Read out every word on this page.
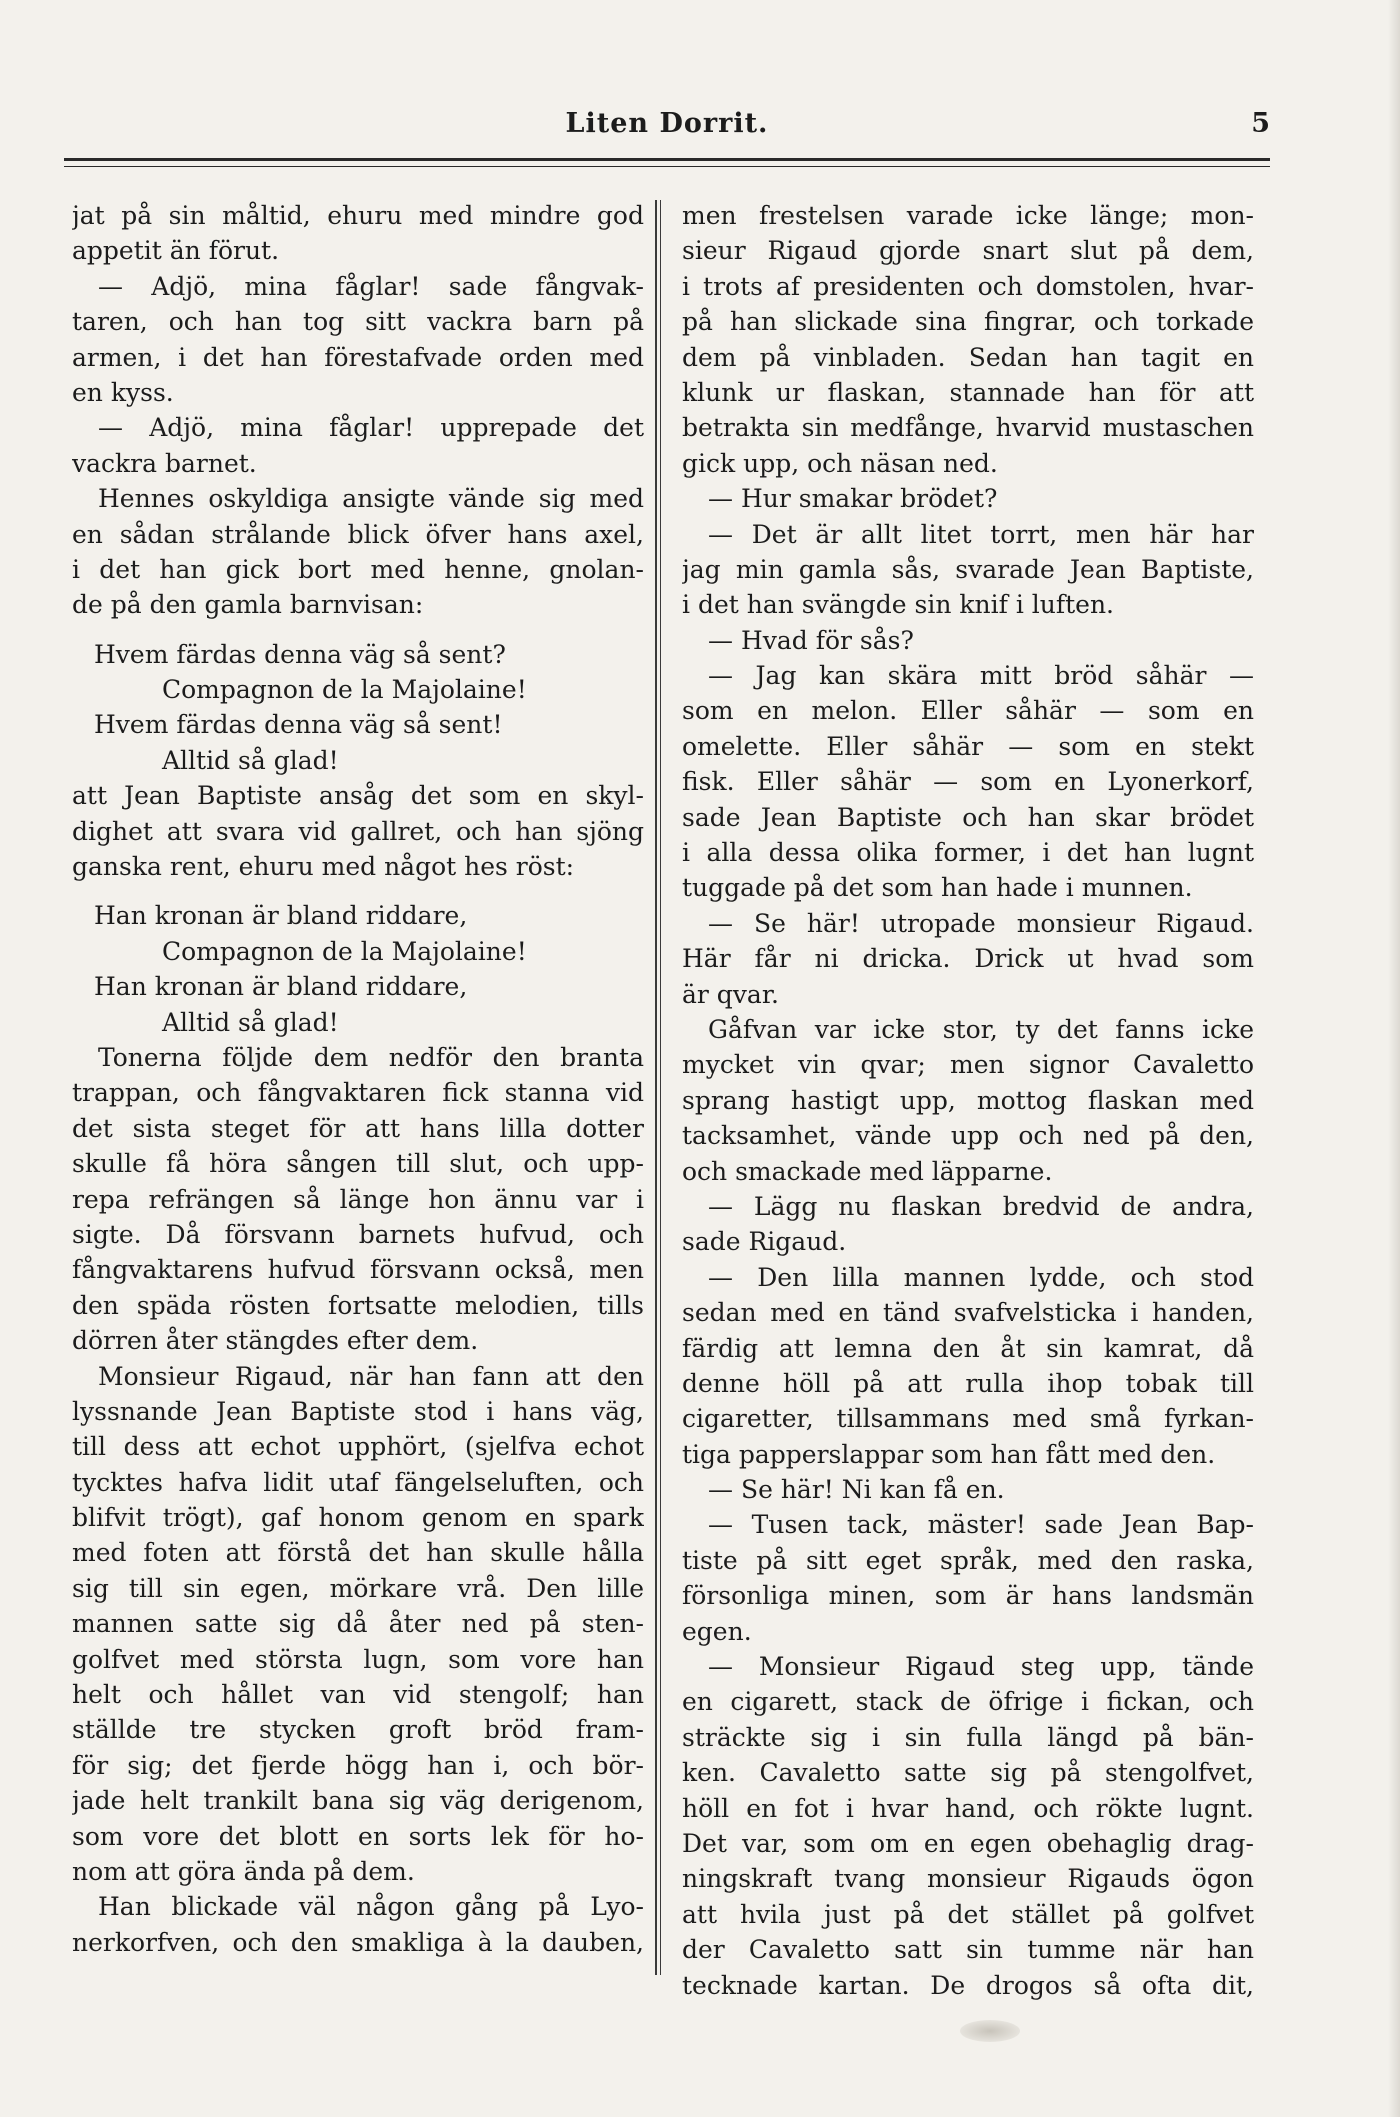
Liten Dorrit.	5
jat på sin måltid, ehuru med mindre god
appetit än förut.
— Adjö, mina fåglar! sade fångvak-
taren, och han tog sitt vackra barn på
armen, i det han förestafvade orden med
en kyss.
— Adjö, mina fåglar! upprepade det
vackra barnet.
Hennes oskyldiga ansigte vände sig med
en sådan strålande blick öfver hans axel,
i det han gick bort med henne, gnolan-
de på den gamla barnvisan:
Hvem färdas denna väg så sent?
Compagnon de la Majolaine!
Hvem färdas denna väg så sent!
Alltid så glad!
att Jean Baptiste ansåg det som en skyl-
dighet att svara vid gallret, och han sjöng
ganska rent, ehuru med något hes röst:
Han kronan är bland riddare,
Compagnon de la Majolaine!
Han kronan är bland riddare,
Alltid så glad!
Tonerna följde dem nedför den branta
trappan, och fångvaktaren fick stanna vid
det sista steget för att hans lilla dotter
skulle få höra sången till slut, och upp-
repa refrängen så länge hon ännu var i
sigte. Då försvann barnets hufvud, och
fångvaktarens hufvud försvann också, men
den späda rösten fortsatte melodien, tills
dörren åter stängdes efter dem.
Monsieur Rigaud, när han fann att den
lyssnande Jean Baptiste stod i hans väg,
till dess att echot upphört, (sjelfva echot
tycktes hafva lidit utaf fängelseluften, och
blifvit trögt), gaf honom genom en spark
med foten att förstå det han skulle hålla
sig till sin egen, mörkare vrå. Den lille
mannen satte sig då åter ned på sten-
golfvet med största lugn, som vore han
helt och hållet van vid stengolf; han
ställde tre stycken groft bröd fram-
för sig; det fjerde högg han i, och bör-
jade helt trankilt bana sig väg derigenom,
som vore det blott en sorts lek för ho-
nom att göra ända på dem.
Han blickade väl någon gång på Lyo-
nerkorfven, och den smakliga à la dauben,
men frestelsen varade icke länge; mon-
sieur Rigaud gjorde snart slut på dem,
i trots af presidenten och domstolen, hvar-
på han slickade sina fingrar, och torkade
dem på vinbladen. Sedan han tagit en
klunk ur flaskan, stannade han för att
betrakta sin medfånge, hvarvid mustaschen
gick upp, och näsan ned.
— Hur smakar brödet?
— Det är allt litet torrt, men här har
jag min gamla sås, svarade Jean Baptiste,
i det han svängde sin knif i luften.
— Hvad för sås?
— Jag kan skära mitt bröd såhär —
som en melon. Eller såhär — som en
omelette. Eller såhär — som en stekt
fisk. Eller såhär — som en Lyonerkorf,
sade Jean Baptiste och han skar brödet
i alla dessa olika former, i det han lugnt
tuggade på det som han hade i munnen.
— Se här! utropade monsieur Rigaud.
Här får ni dricka. Drick ut hvad som
är qvar.
Gåfvan var icke stor, ty det fanns icke
mycket vin qvar; men signor Cavaletto
sprang hastigt upp, mottog flaskan med
tacksamhet, vände upp och ned på den,
och smackade med läpparne.
— Lägg nu flaskan bredvid de andra,
sade Rigaud.
— Den lilla mannen lydde, och stod
sedan med en tänd svafvelsticka i handen,
färdig att lemna den åt sin kamrat, då
denne höll på att rulla ihop tobak till
cigaretter, tillsammans med små fyrkan-
tiga papperslappar som han fått med den.
— Se här! Ni kan få en.
— Tusen tack, mäster! sade Jean Bap-
tiste på sitt eget språk, med den raska,
försonliga minen, som är hans landsmän
egen.
— Monsieur Rigaud steg upp, tände
en cigarett, stack de öfrige i fickan, och
sträckte sig i sin fulla längd på bän-
ken. Cavaletto satte sig på stengolfvet,
höll en fot i hvar hand, och rökte lugnt.
Det var, som om en egen obehaglig drag-
ningskraft tvang monsieur Rigauds ögon
att hvila just på det stället på golfvet
der Cavaletto satt sin tumme när han
tecknade kartan. De drogos så ofta dit,
